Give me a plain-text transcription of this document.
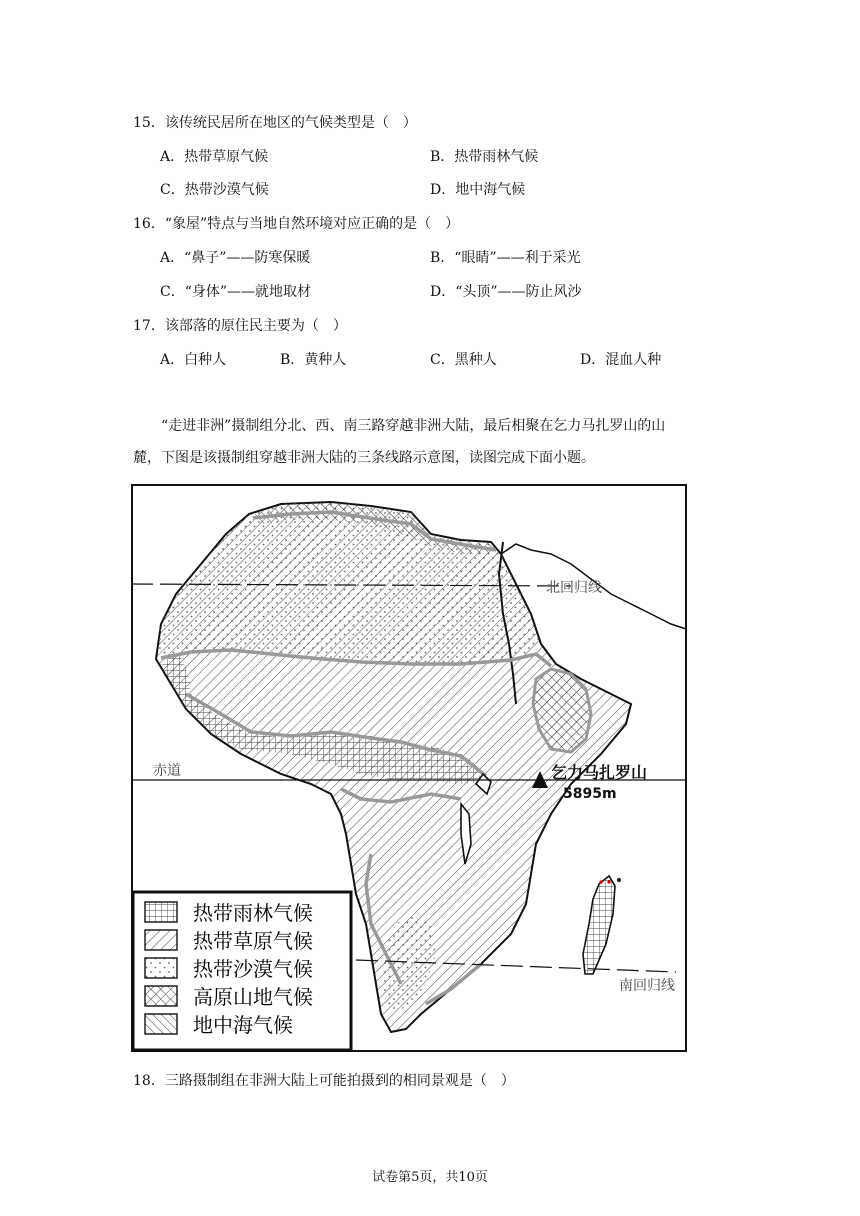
15．该传统民居所在地区的气候类型是（　）
A．热带草原气候	B．热带雨林气候
C．热带沙漠气候	D．地中海气候
16．“象屋”特点与当地自然环境对应正确的是（　）
A．“鼻子”——防寒保暖	B．“眼睛”——利于采光
C．“身体”——就地取材	D．“头顶”——防止风沙
17．该部落的原住民主要为（　）
A．白种人	B．黄种人	C．黑种人	D．混血人种
“走进非洲”摄制组分北、西、南三路穿越非洲大陆，最后相聚在乞力马扎罗山的山
麓，下图是该摄制组穿越非洲大陆的三条线路示意图，读图完成下面小题。
乞力马扎罗山
5895m
北回归线
赤道
南回归线
热带雨林气候
热带草原气候
热带沙漠气候
高原山地气候
地中海气候
18．三路摄制组在非洲大陆上可能拍摄到的相同景观是（　）
试卷第5页，共10页
